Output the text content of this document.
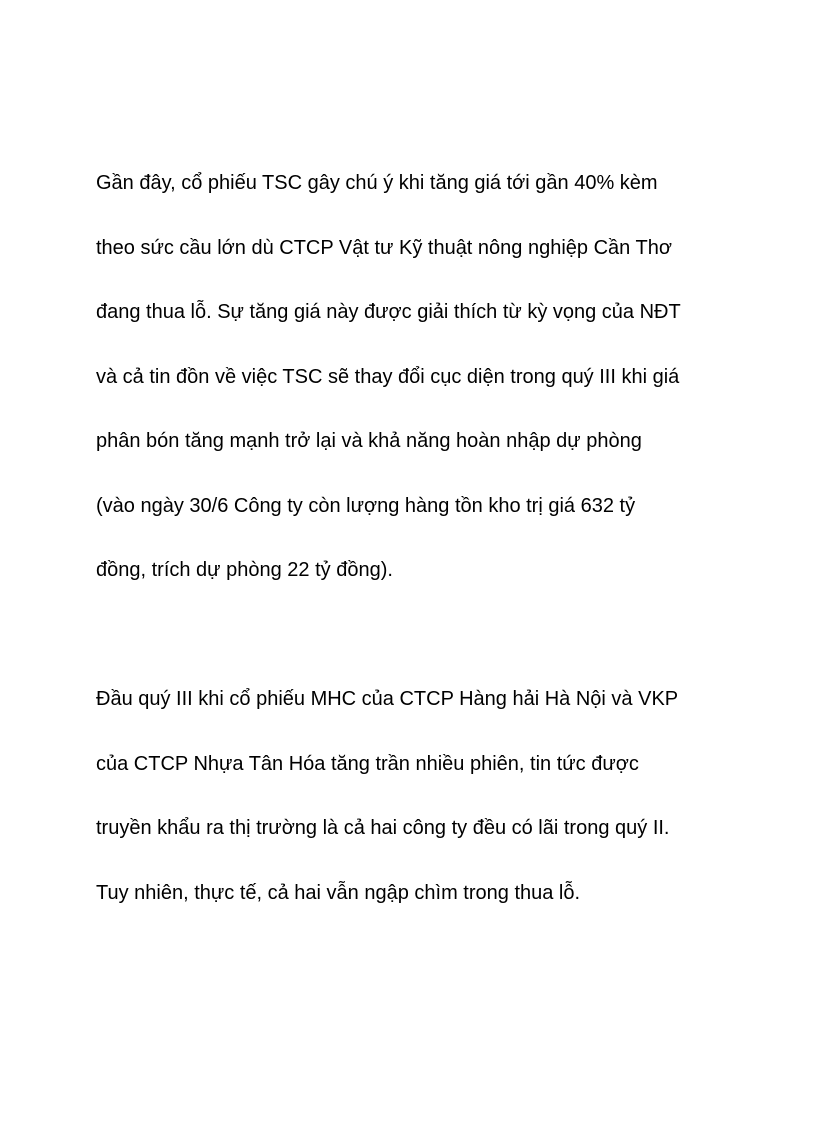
Gần đây, cổ phiếu TSC gây chú ý khi tăng giá tới gần 40% kèm
theo sức cầu lớn dù CTCP Vật tư Kỹ thuật nông nghiệp Cần Thơ
đang thua lỗ. Sự tăng giá này được giải thích từ kỳ vọng của NĐT
và cả tin đồn về việc TSC sẽ thay đổi cục diện trong quý III khi giá
phân bón tăng mạnh trở lại và khả năng hoàn nhập dự phòng
(vào ngày 30/6 Công ty còn lượng hàng tồn kho trị giá 632 tỷ
đồng, trích dự phòng 22 tỷ đồng).

Đầu quý III khi cổ phiếu MHC của CTCP Hàng hải Hà Nội và VKP
của CTCP Nhựa Tân Hóa tăng trần nhiều phiên, tin tức được
truyền khẩu ra thị trường là cả hai công ty đều có lãi trong quý II.
Tuy nhiên, thực tế, cả hai vẫn ngập chìm trong thua lỗ.
